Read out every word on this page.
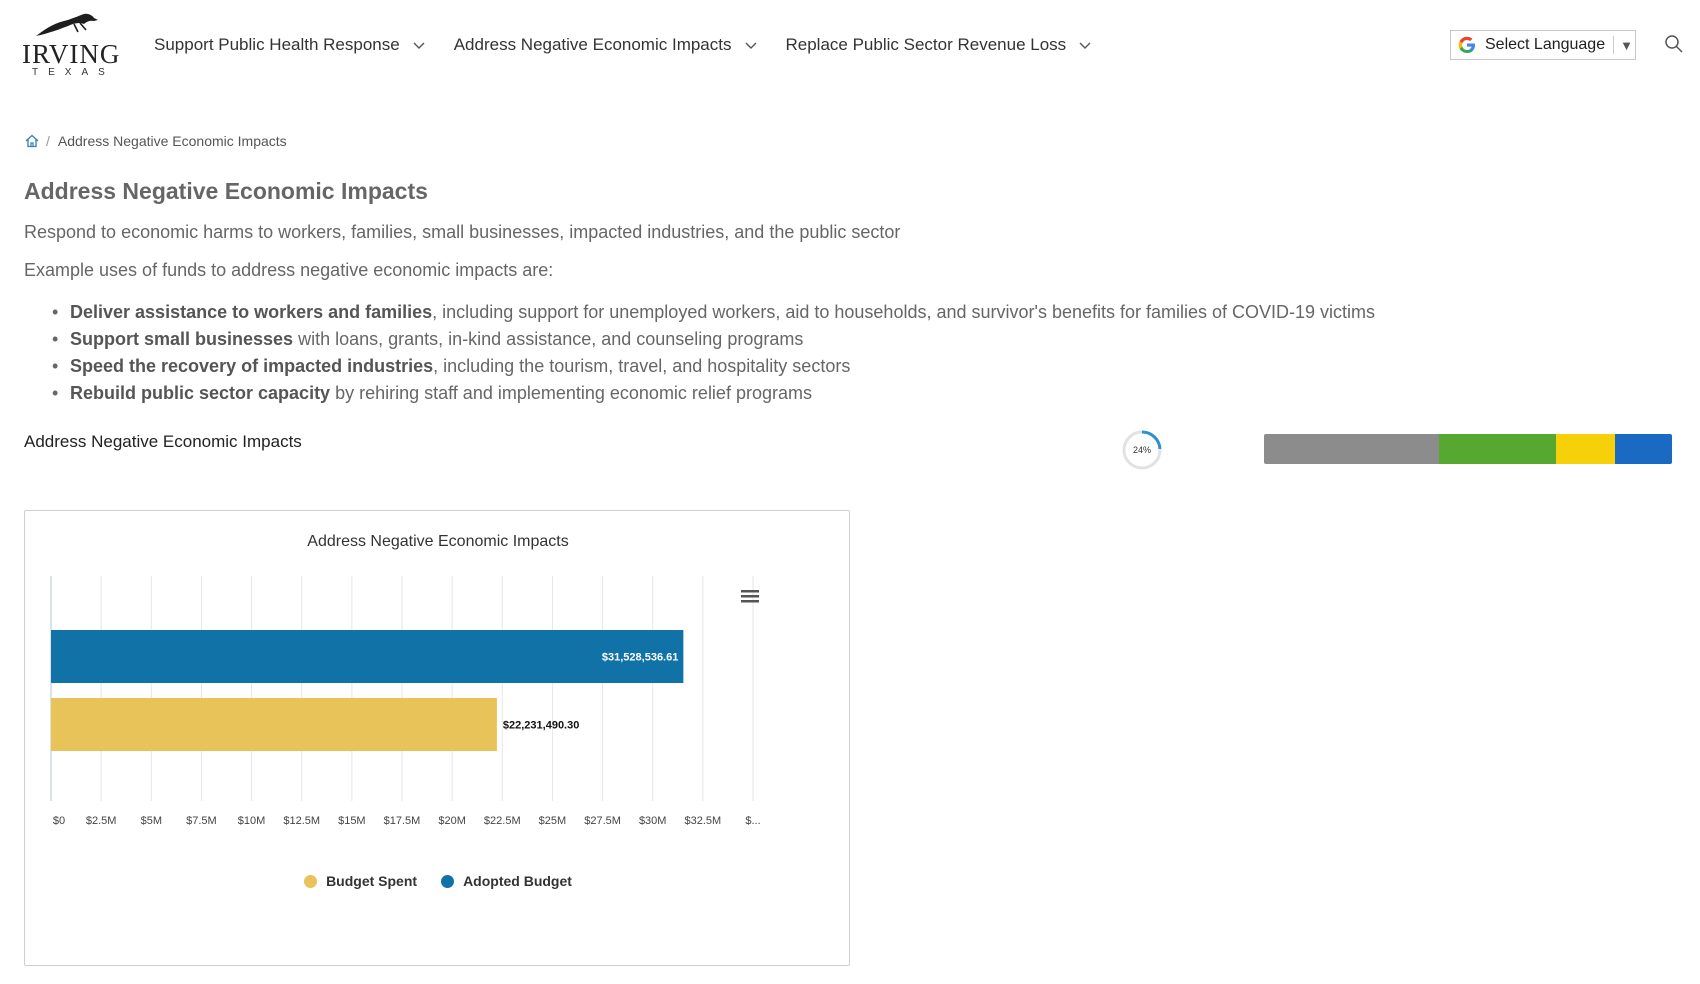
IRVING
TEXAS
Support Public Health Response	Address Negative Economic Impacts	Replace Public Sector Revenue Loss	Select Language ▼
/ Address Negative Economic Impacts
Address Negative Economic Impacts
Respond to economic harms to workers, families, small businesses, impacted industries, and the public sector
Example uses of funds to address negative economic impacts are:
• Deliver assistance to workers and families, including support for unemployed workers, aid to households, and survivor's benefits for families of COVID-19 victims
• Support small businesses with loans, grants, in-kind assistance, and counseling programs
• Speed the recovery of impacted industries, including the tourism, travel, and hospitality sectors
• Rebuild public sector capacity by rehiring staff and implementing economic relief programs
Address Negative Economic Impacts	24%
Address Negative Economic Impacts
$0 $2.5M $5M $7.5M $10M $12.5M $15M $17.5M $20M $22.5M $25M $27.5M $30M $32.5M $...
$31,528,536.61
$22,231,490.30
Budget Spent	Adopted Budget
